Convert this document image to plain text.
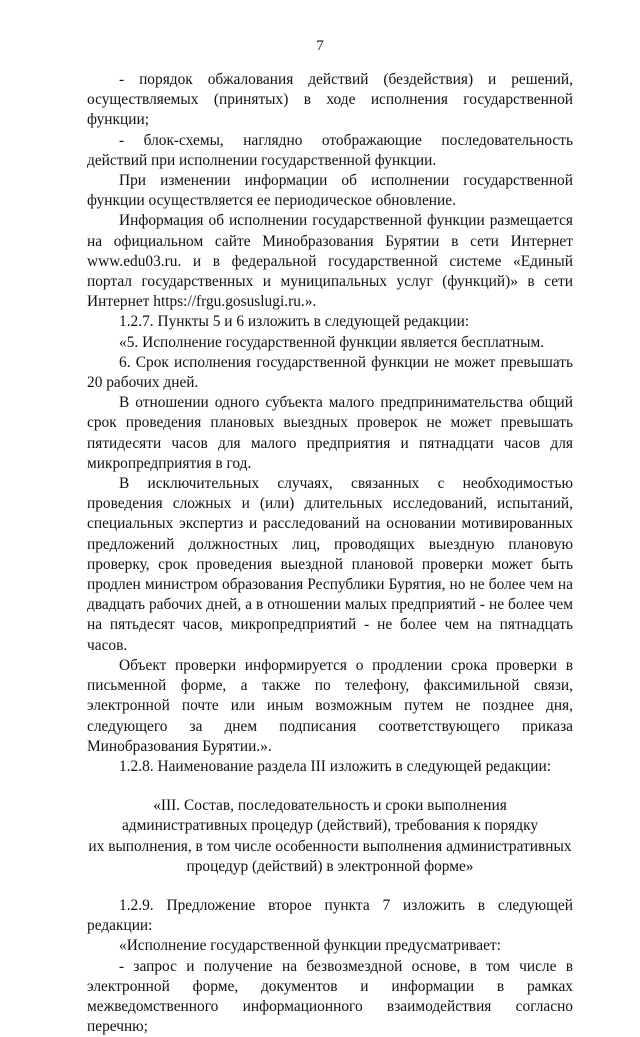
7

- порядок обжалования действий (бездействия) и решений, осуществляемых (принятых) в ходе исполнения государственной функции;

- блок-схемы, наглядно отображающие последовательность действий при исполнении государственной функции.

При изменении информации об исполнении государственной функции осуществляется ее периодическое обновление.

Информация об исполнении государственной функции размещается на официальном сайте Минобразования Бурятии в сети Интернет www.edu03.ru. и в федеральной государственной системе «Единый портал государственных и муниципальных услуг (функций)» в сети Интернет https://frgu.gosuslugi.ru.».

1.2.7. Пункты 5 и 6 изложить в следующей редакции:

«5. Исполнение государственной функции является бесплатным.

6. Срок исполнения государственной функции не может превышать 20 рабочих дней.

В отношении одного субъекта малого предпринимательства общий срок проведения плановых выездных проверок не может превышать пятидесяти часов для малого предприятия и пятнадцати часов для микропредприятия в год.

В исключительных случаях, связанных с необходимостью проведения сложных и (или) длительных исследований, испытаний, специальных экспертиз и расследований на основании мотивированных предложений должностных лиц, проводящих выездную плановую проверку, срок проведения выездной плановой проверки может быть продлен министром образования Республики Бурятия, но не более чем на двадцать рабочих дней, а в отношении малых предприятий - не более чем на пятьдесят часов, микропредприятий - не более чем на пятнадцать часов.

Объект проверки информируется о продлении срока проверки в письменной форме, а также по телефону, факсимильной связи, электронной почте или иным возможным путем не позднее дня, следующего за днем подписания соответствующего приказа Минобразования Бурятии.».

1.2.8. Наименование раздела III изложить в следующей редакции:

«III. Состав, последовательность и сроки выполнения
административных процедур (действий), требования к порядку
их выполнения, в том числе особенности выполнения административных
процедур (действий) в электронной форме»

1.2.9. Предложение второе пункта 7 изложить в следующей редакции:

«Исполнение государственной функции предусматривает:

- запрос и получение на безвозмездной основе, в том числе в электронной форме, документов и информации в рамках межведомственного информационного взаимодействия согласно перечню;
